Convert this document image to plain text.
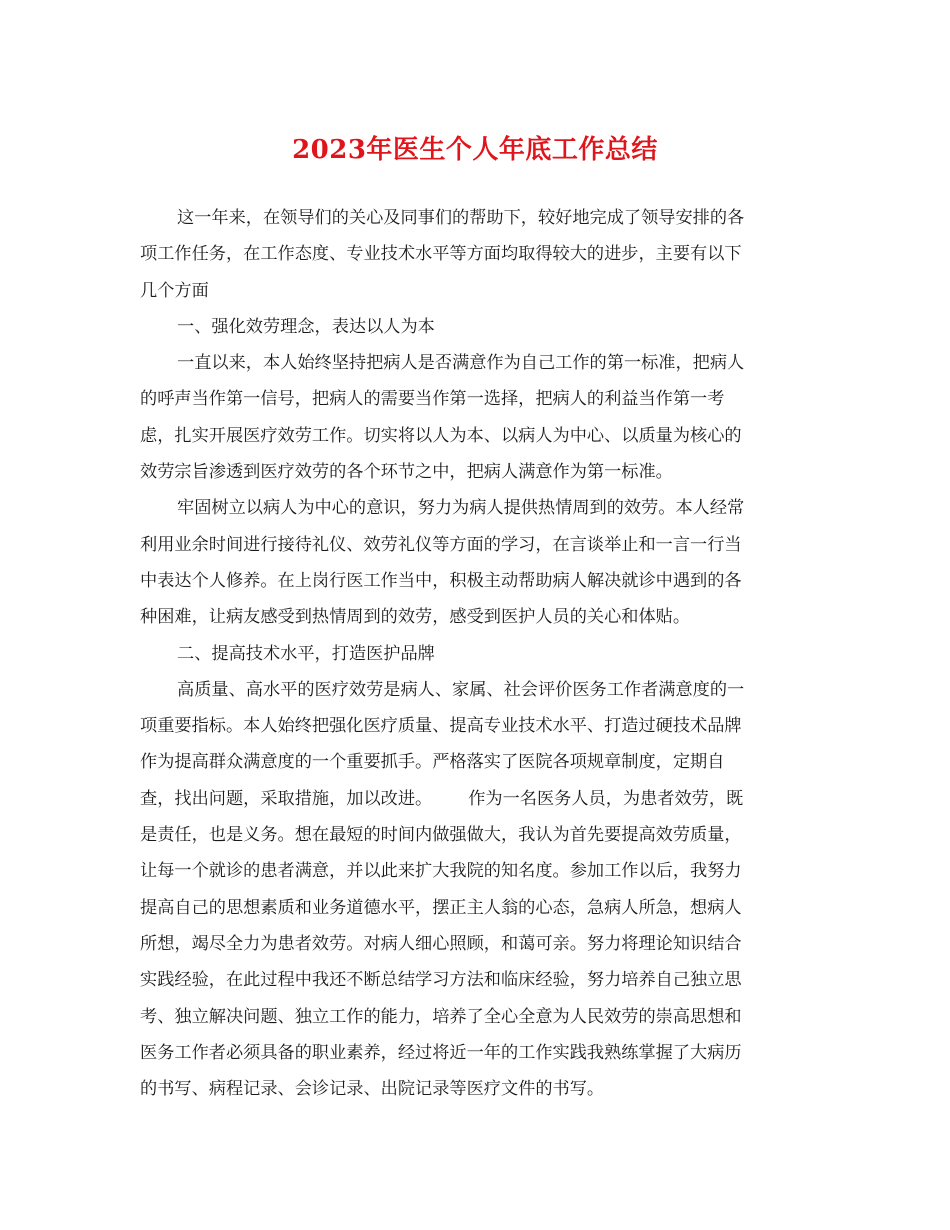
2023年医生个人年底工作总结

这一年来，在领导们的关心及同事们的帮助下，较好地完成了领导安排的各

项工作任务，在工作态度、专业技术水平等方面均取得较大的进步，主要有以下

几个方面

一、强化效劳理念，表达以人为本

一直以来，本人始终坚持把病人是否满意作为自己工作的第一标准，把病人

的呼声当作第一信号，把病人的需要当作第一选择，把病人的利益当作第一考

虑，扎实开展医疗效劳工作。切实将以人为本、以病人为中心、以质量为核心的

效劳宗旨渗透到医疗效劳的各个环节之中，把病人满意作为第一标准。

牢固树立以病人为中心的意识，努力为病人提供热情周到的效劳。本人经常

利用业余时间进行接待礼仪、效劳礼仪等方面的学习，在言谈举止和一言一行当

中表达个人修养。在上岗行医工作当中，积极主动帮助病人解决就诊中遇到的各

种困难，让病友感受到热情周到的效劳，感受到医护人员的关心和体贴。

二、提高技术水平，打造医护品牌

高质量、高水平的医疗效劳是病人、家属、社会评价医务工作者满意度的一

项重要指标。本人始终把强化医疗质量、提高专业技术水平、打造过硬技术品牌

作为提高群众满意度的一个重要抓手。严格落实了医院各项规章制度，定期自

查，找出问题，采取措施，加以改进。 作为一名医务人员，为患者效劳，既

是责任，也是义务。想在最短的时间内做强做大，我认为首先要提高效劳质量，

让每一个就诊的患者满意，并以此来扩大我院的知名度。参加工作以后，我努力

提高自己的思想素质和业务道德水平，摆正主人翁的心态，急病人所急，想病人

所想，竭尽全力为患者效劳。对病人细心照顾，和蔼可亲。努力将理论知识结合

实践经验，在此过程中我还不断总结学习方法和临床经验，努力培养自己独立思

考、独立解决问题、独立工作的能力，培养了全心全意为人民效劳的崇高思想和

医务工作者必须具备的职业素养，经过将近一年的工作实践我熟练掌握了大病历

的书写、病程记录、会诊记录、出院记录等医疗文件的书写。
